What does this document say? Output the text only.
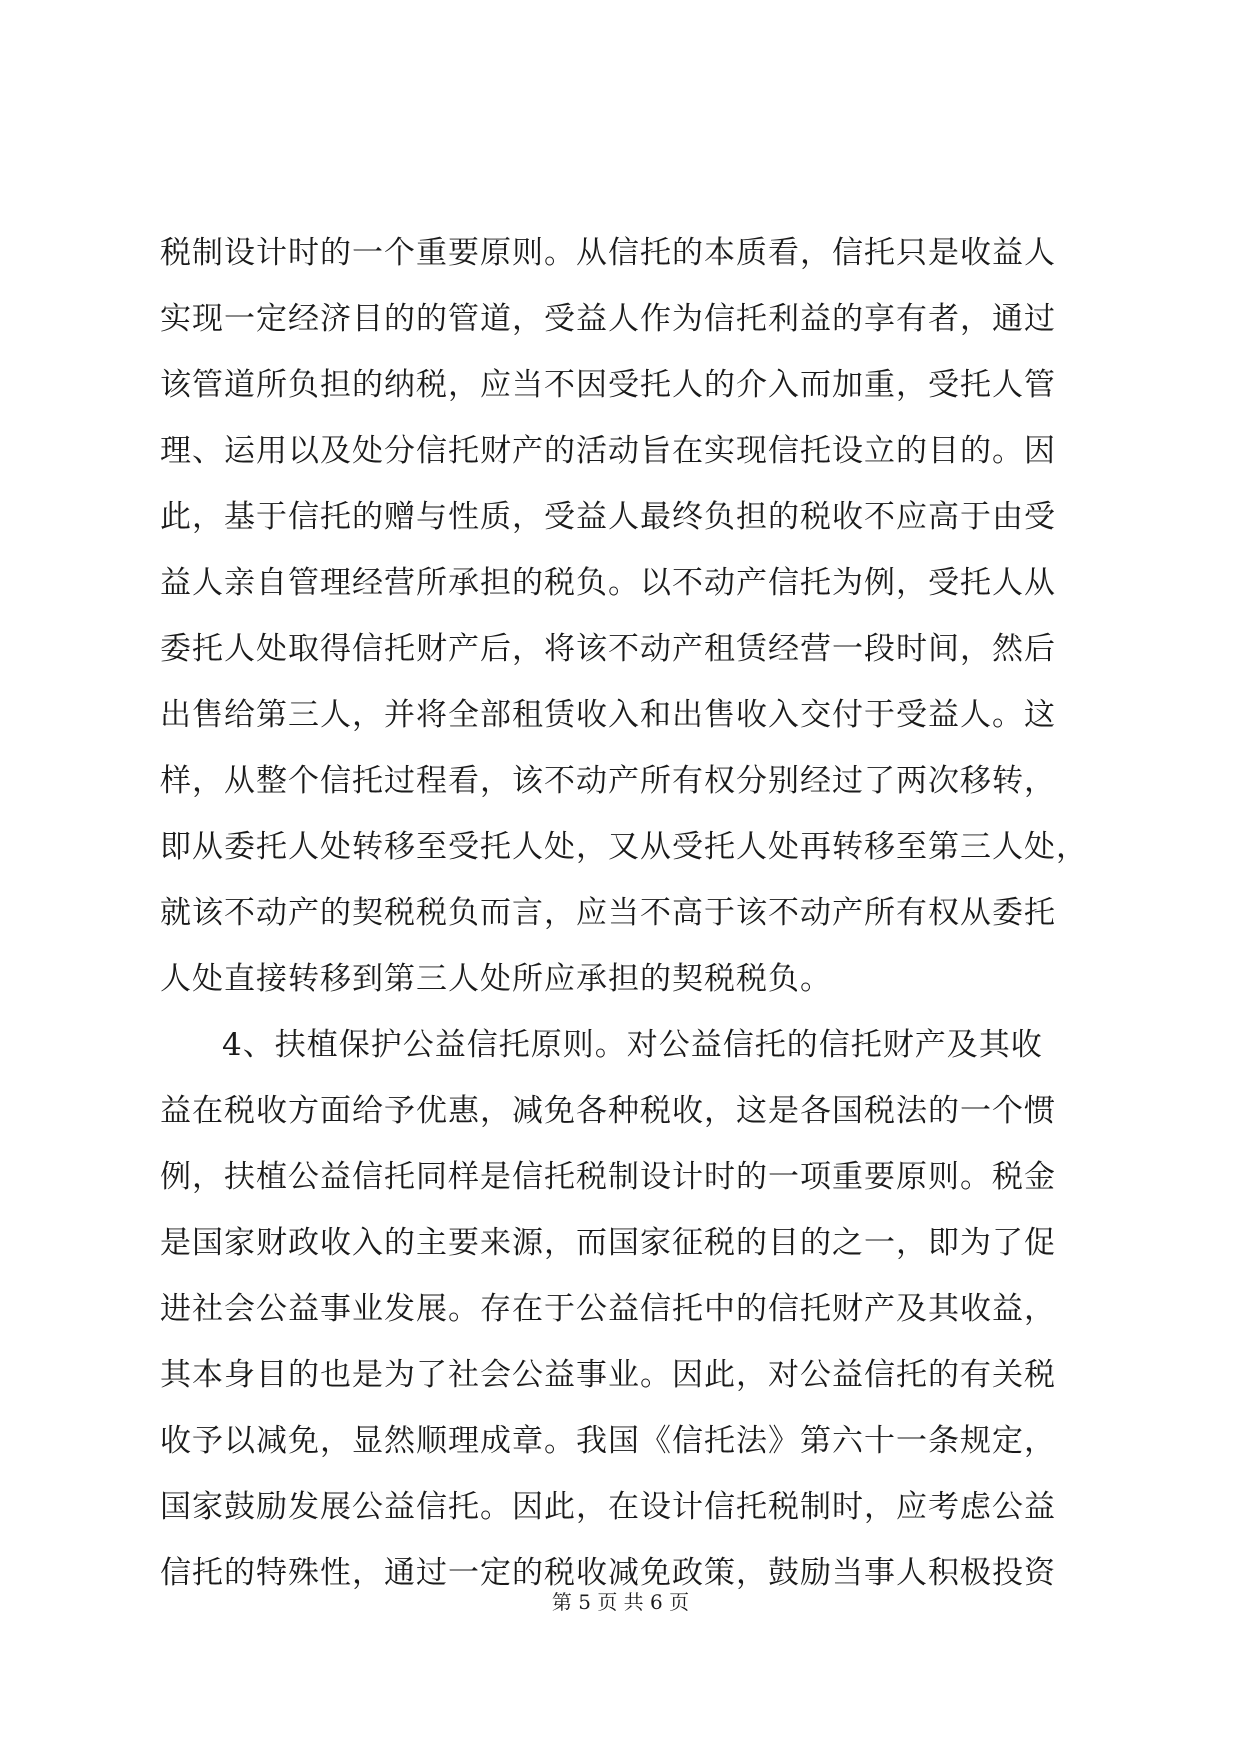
税制设计时的一个重要原则。从信托的本质看，信托只是收益人
实现一定经济目的的管道，受益人作为信托利益的享有者，通过
该管道所负担的纳税，应当不因受托人的介入而加重，受托人管
理、运用以及处分信托财产的活动旨在实现信托设立的目的。因
此，基于信托的赠与性质，受益人最终负担的税收不应高于由受
益人亲自管理经营所承担的税负。以不动产信托为例，受托人从
委托人处取得信托财产后，将该不动产租赁经营一段时间，然后
出售给第三人，并将全部租赁收入和出售收入交付于受益人。这
样，从整个信托过程看，该不动产所有权分别经过了两次移转，
即从委托人处转移至受托人处，又从受托人处再转移至第三人处，
就该不动产的契税税负而言，应当不高于该不动产所有权从委托
人处直接转移到第三人处所应承担的契税税负。
4、扶植保护公益信托原则。对公益信托的信托财产及其收
益在税收方面给予优惠，减免各种税收，这是各国税法的一个惯
例，扶植公益信托同样是信托税制设计时的一项重要原则。税金
是国家财政收入的主要来源，而国家征税的目的之一，即为了促
进社会公益事业发展。存在于公益信托中的信托财产及其收益，
其本身目的也是为了社会公益事业。因此，对公益信托的有关税
收予以减免，显然顺理成章。我国《信托法》第六十一条规定，
国家鼓励发展公益信托。因此，在设计信托税制时，应考虑公益
信托的特殊性，通过一定的税收减免政策，鼓励当事人积极投资
第 5 页 共 6 页
